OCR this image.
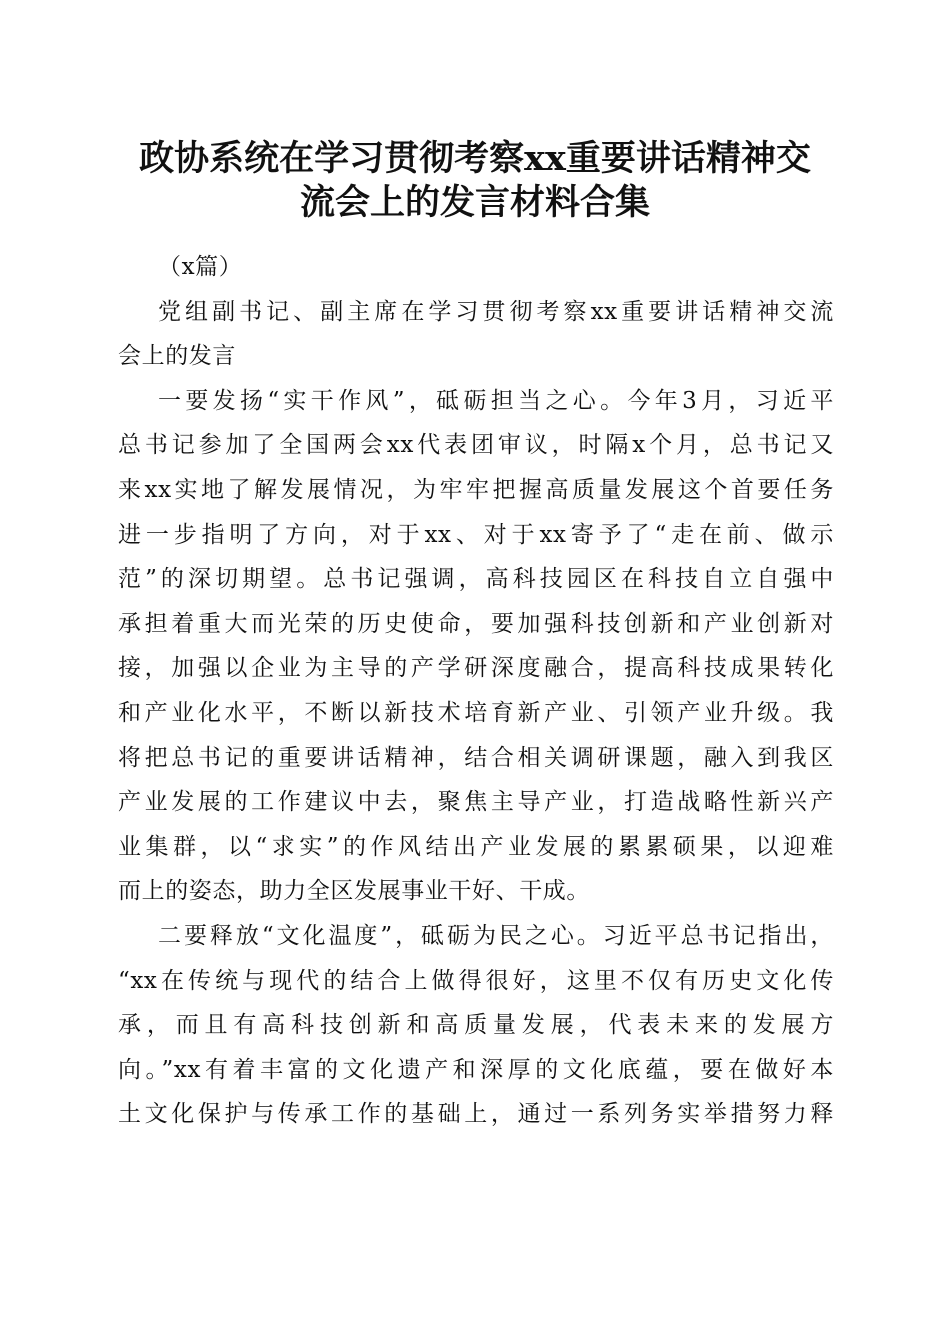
政协系统在学习贯彻考察xx重要讲话精神交
流会上的发言材料合集
（x篇）
党组副书记、副主席在学习贯彻考察xx重要讲话精神交流
会上的发言
一要发扬“实干作风”，砥砺担当之心。今年3月，习近平
总书记参加了全国两会xx代表团审议，时隔x个月，总书记又
来xx实地了解发展情况，为牢牢把握高质量发展这个首要任务
进一步指明了方向，对于xx、对于xx寄予了“走在前、做示
范”的深切期望。总书记强调，高科技园区在科技自立自强中
承担着重大而光荣的历史使命，要加强科技创新和产业创新对
接，加强以企业为主导的产学研深度融合，提高科技成果转化
和产业化水平，不断以新技术培育新产业、引领产业升级。我
将把总书记的重要讲话精神，结合相关调研课题，融入到我区
产业发展的工作建议中去，聚焦主导产业，打造战略性新兴产
业集群，以“求实”的作风结出产业发展的累累硕果，以迎难
而上的姿态，助力全区发展事业干好、干成。
二要释放“文化温度”，砥砺为民之心。习近平总书记指出，
“xx在传统与现代的结合上做得很好，这里不仅有历史文化传
承，而且有高科技创新和高质量发展，代表未来的发展方
向。”xx有着丰富的文化遗产和深厚的文化底蕴，要在做好本
土文化保护与传承工作的基础上，通过一系列务实举措努力释
